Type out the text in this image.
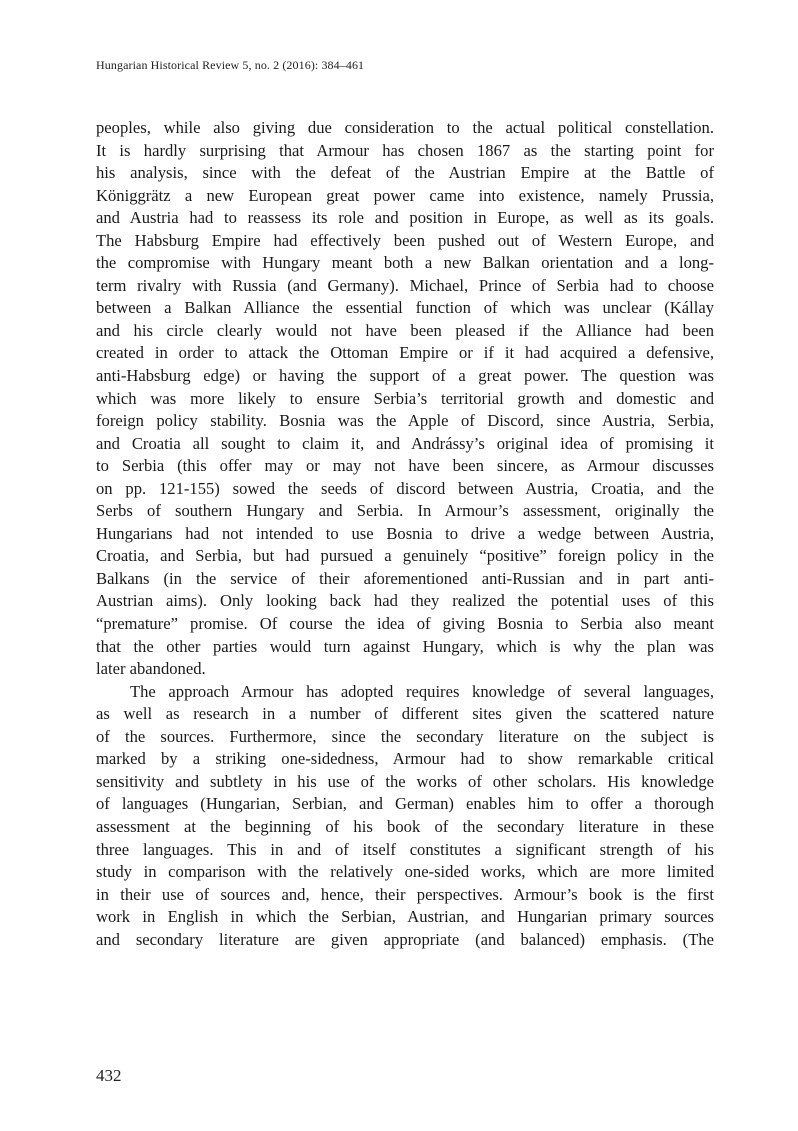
Hungarian Historical Review 5, no. 2 (2016): 384–461
peoples, while also giving due consideration to the actual political constellation.
It is hardly surprising that Armour has chosen 1867 as the starting point for
his analysis, since with the defeat of the Austrian Empire at the Battle of
Königgrätz a new European great power came into existence, namely Prussia,
and Austria had to reassess its role and position in Europe, as well as its goals.
The Habsburg Empire had effectively been pushed out of Western Europe, and
the compromise with Hungary meant both a new Balkan orientation and a long-
term rivalry with Russia (and Germany). Michael, Prince of Serbia had to choose
between a Balkan Alliance the essential function of which was unclear (Kállay
and his circle clearly would not have been pleased if the Alliance had been
created in order to attack the Ottoman Empire or if it had acquired a defensive,
anti-Habsburg edge) or having the support of a great power. The question was
which was more likely to ensure Serbia’s territorial growth and domestic and
foreign policy stability. Bosnia was the Apple of Discord, since Austria, Serbia,
and Croatia all sought to claim it, and Andrássy’s original idea of promising it
to Serbia (this offer may or may not have been sincere, as Armour discusses
on pp. 121-155) sowed the seeds of discord between Austria, Croatia, and the
Serbs of southern Hungary and Serbia. In Armour’s assessment, originally the
Hungarians had not intended to use Bosnia to drive a wedge between Austria,
Croatia, and Serbia, but had pursued a genuinely “positive” foreign policy in the
Balkans (in the service of their aforementioned anti-Russian and in part anti-
Austrian aims). Only looking back had they realized the potential uses of this
“premature” promise. Of course the idea of giving Bosnia to Serbia also meant
that the other parties would turn against Hungary, which is why the plan was
later abandoned.
The approach Armour has adopted requires knowledge of several languages,
as well as research in a number of different sites given the scattered nature
of the sources. Furthermore, since the secondary literature on the subject is
marked by a striking one-sidedness, Armour had to show remarkable critical
sensitivity and subtlety in his use of the works of other scholars. His knowledge
of languages (Hungarian, Serbian, and German) enables him to offer a thorough
assessment at the beginning of his book of the secondary literature in these
three languages. This in and of itself constitutes a significant strength of his
study in comparison with the relatively one-sided works, which are more limited
in their use of sources and, hence, their perspectives. Armour’s book is the first
work in English in which the Serbian, Austrian, and Hungarian primary sources
and secondary literature are given appropriate (and balanced) emphasis. (The
432
